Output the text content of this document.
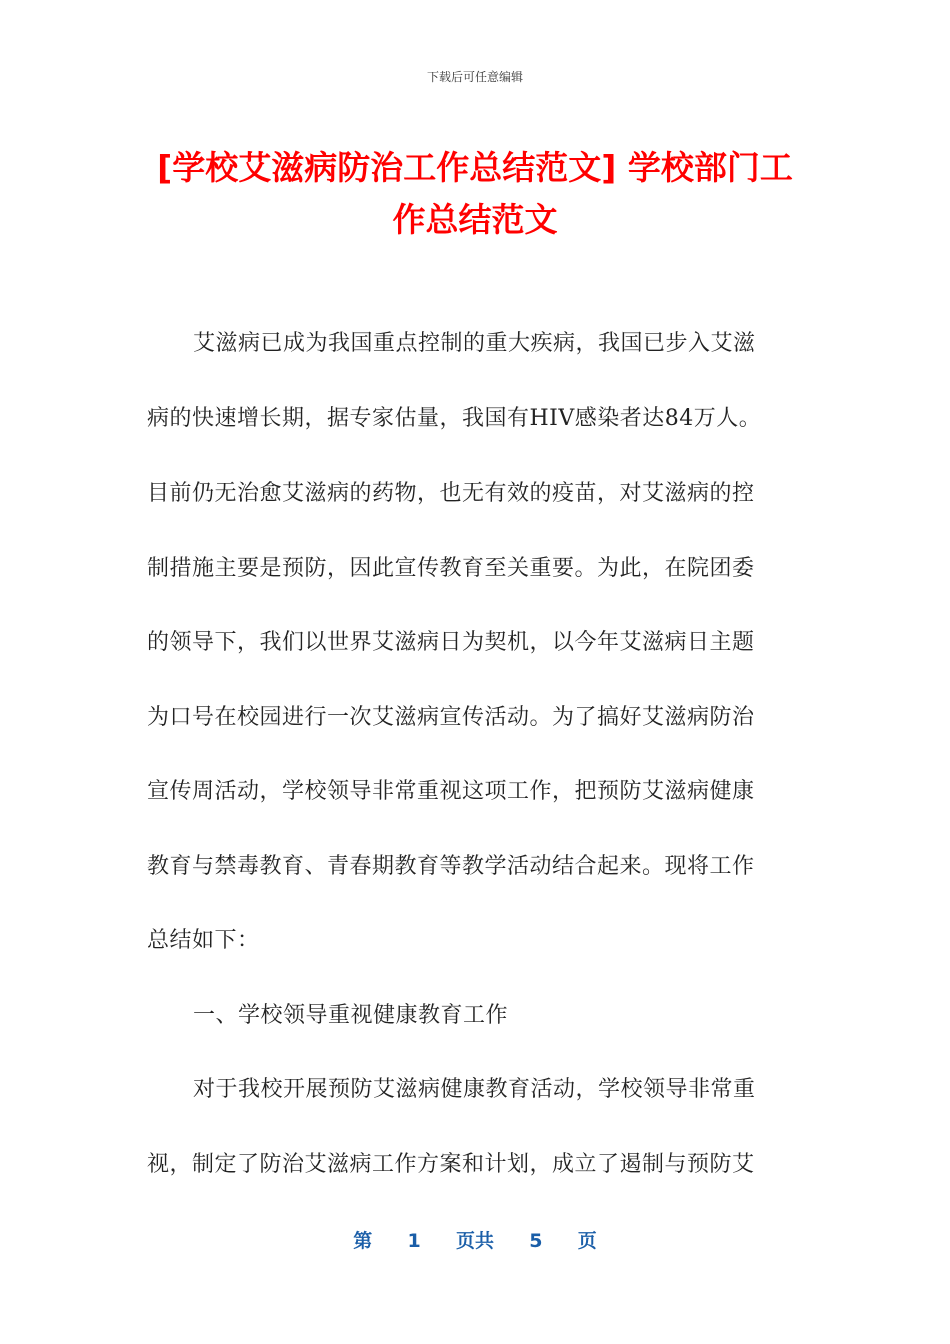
下载后可任意编辑
[学校艾滋病防治工作总结范文] 学校部门工
作总结范文
艾滋病已成为我国重点控制的重大疾病，我国已步入艾滋
病的快速增长期，据专家估量，我国有HIV感染者达84万人。
目前仍无治愈艾滋病的药物，也无有效的疫苗，对艾滋病的控
制措施主要是预防，因此宣传教育至关重要。为此，在院团委
的领导下，我们以世界艾滋病日为契机，以今年艾滋病日主题
为口号在校园进行一次艾滋病宣传活动。为了搞好艾滋病防治
宣传周活动，学校领导非常重视这项工作，把预防艾滋病健康
教育与禁毒教育、青春期教育等教学活动结合起来。现将工作
总结如下：
一、学校领导重视健康教育工作
对于我校开展预防艾滋病健康教育活动，学校领导非常重
视，制定了防治艾滋病工作方案和计划，成立了遏制与预防艾
第 1 页共 5 页
